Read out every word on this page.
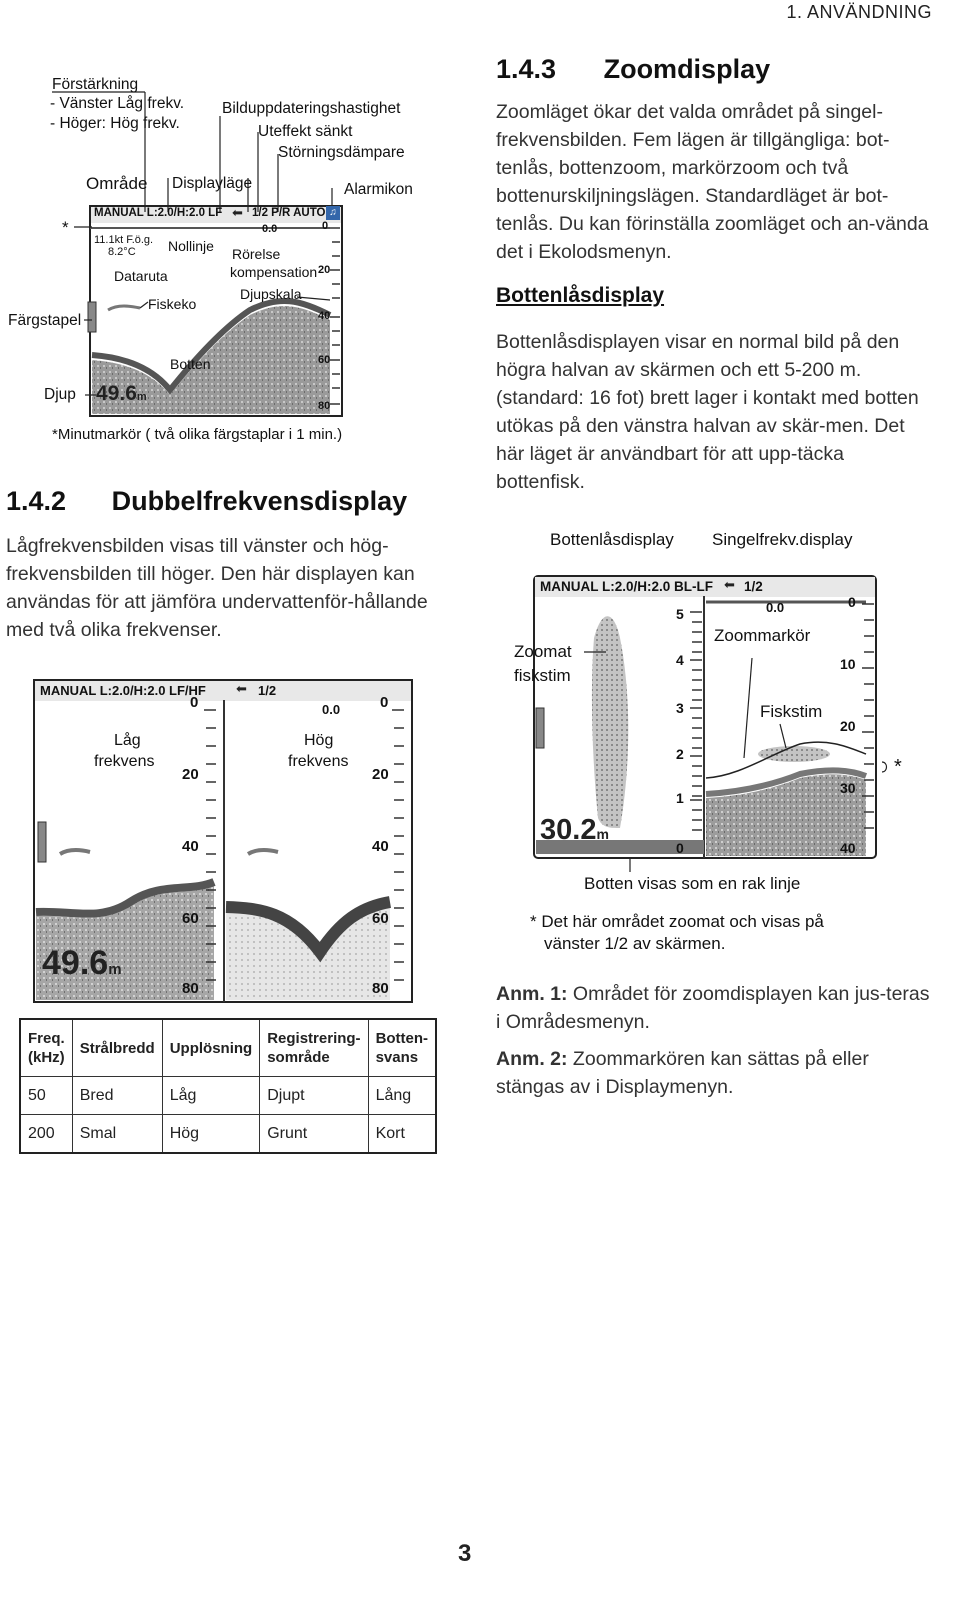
1. ANVÄNDNING
MANUAL L:2.0/H:2.0 LF ⬅ 1/2 P/R AUTO ♫
0.0
11.1kt F.ö.g.
8.2°C
49.6m
0
20
40
60
80
Förstärkning
- Vänster Låg frekv.
- Höger: Hög frekv.
Bilduppdateringshastighet
Uteffekt sänkt
Störningsdämpare
Område Displayläge	Alarmikon
*
Nollinje
Dataruta
Rörelse
kompensation
Djupskala
Fiskeko
Färgstapel
Botten
Djup
*Minutmarkör ( två olika färgstaplar i 1 min.)
1.4.2 Dubbelfrekvensdisplay
Lågfrekvensbilden visas till vänster och hög-frekvensbilden till höger. Den här displayen kan användas för att jämföra undervattenför-hållande med två olika frekvenser.
MANUAL L:2.0/H:2.0 LF/HF ⬅ 1/2
0.0
Låg
frekvens
Hög
frekvens
49.6m
0
20
40
60
80
0
20
40
60
80
Freq. (kHz)	Strålbredd	Upplösning	Registrering-sområde	Botten-svans
50	Bred	Låg	Djupt	Lång
200	Smal	Hög	Grunt	Kort
1.4.3 Zoomdisplay
Zoomläget ökar det valda området på singel-frekvensbilden. Fem lägen är tillgängliga: bot-tenlås, bottenzoom, markörzoom och två bottenurskiljningslägen. Standardläget är bot-tenlås. Du kan förinställa zoomläget och an-vända det i Ekolodsmenyn.
Bottenlåsdisplay
Bottenlåsdisplayen visar en normal bild på den högra halvan av skärmen och ett 5-200 m. (standard: 16 fot) brett lager i kontakt med botten utökas på den vänstra halvan av skär-men. Det här läget är användbart för att upp-täcka bottenfisk.
Bottenlåsdisplay Singelfrekv.display
MANUAL L:2.0/H:2.0 BL-LF ⬅ 1/2
0.0
Zoomat
fiskstim
Zoommarkör
Fiskstim
*
30.2m
5
4
3
2
1
0
0
10
20
30
40
Botten visas som en rak linje
* Det här området zoomat och visas på
vänster 1/2 av skärmen.
Anm. 1: Området för zoomdisplayen kan jus-teras i Områdesmenyn.
Anm. 2: Zoommarkören kan sättas på eller stängas av i Displaymenyn.
3
